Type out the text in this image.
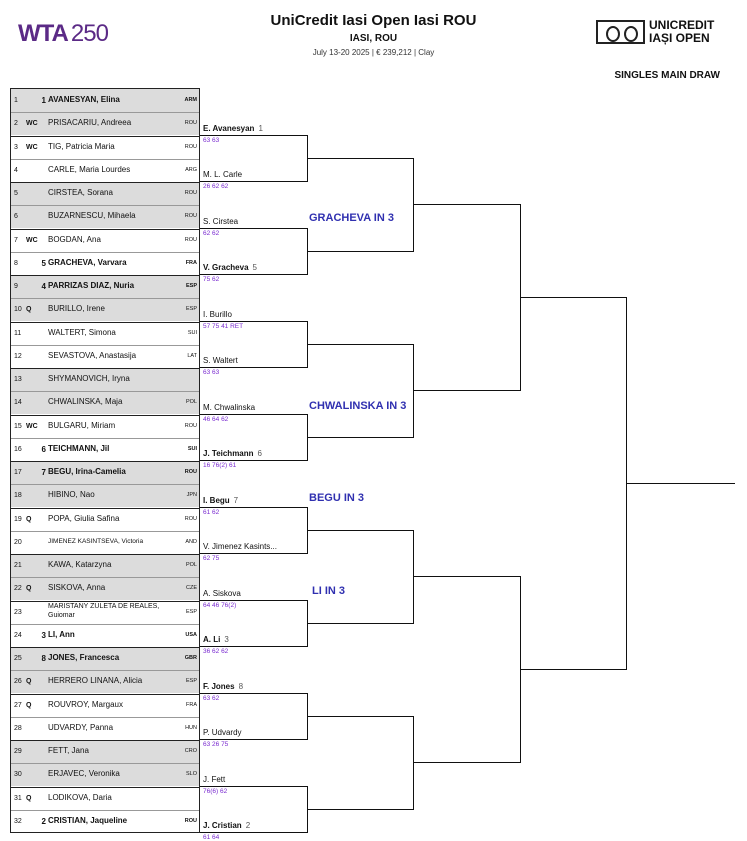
WTA 250	UniCredit Iasi Open Iasi ROU
IASI, ROU
July 13-20 2025 | € 239,212 | Clay
UNICREDIT
IAȘI OPEN
SINGLES MAIN DRAW
1	1 AVANESYAN, Elina	ARM
2 WC PRISACARIU, Andreea	ROU
3 WC TIG, Patricia Maria	ROU
4	CARLE, Maria Lourdes	ARG
5	CIRSTEA, Sorana	ROU
6	BUZARNESCU, Mihaela	ROU
7 WC BOGDAN, Ana	ROU
8	5 GRACHEVA, Varvara	FRA
9	4 PARRIZAS DIAZ, Nuria	ESP
10 Q BURILLO, Irene	ESP
11	WALTERT, Simona	SUI
12	SEVASTOVA, Anastasija	LAT
13	SHYMANOVICH, Iryna
14	CHWALINSKA, Maja	POL
15 WC BULGARU, Miriam	ROU
16	6 TEICHMANN, Jil	SUI
17	7 BEGU, Irina-Camelia	ROU
18	HIBINO, Nao	JPN
19 Q POPA, Giulia Safina	ROU
20	JIMENEZ KASINTSEVA, Victoria	AND
21	KAWA, Katarzyna	POL
22 Q SISKOVA, Anna	CZE
23
MARISTANY ZULETA DE REALES, Guiomar	ESP
24	3 LI, Ann	USA
25	8 JONES, Francesca	GBR
26 Q HERRERO LINANA, Alicia	ESP
27 Q ROUVROY, Margaux	FRA
28	UDVARDY, Panna	HUN
29	FETT, Jana	CRO
30	ERJAVEC, Veronika	SLO
31 Q LODIKOVA, Daria
32	2 CRISTIAN, Jaqueline	ROU
E. Avanesyan 1
63 63
M. L. Carle
26 62 62
S. Cirstea
62 62
V. Gracheva 5
75 62
I. Burillo
57 75 41 RET
S. Waltert
63 63
M. Chwalinska
46 64 62
J. Teichmann 6
16 76(2) 61
I. Begu 7
61 62
V. Jimenez Kasints...
62 75
A. Siskova
64 46 76(2)
A. Li 3
36 62 62
F. Jones 8
63 62
P. Udvardy
63 26 75
J. Fett
76(6) 62
J. Cristian 2
61 64
GRACHEVA IN 3
CHWALINSKA IN 3
BEGU IN 3
LI IN 3
